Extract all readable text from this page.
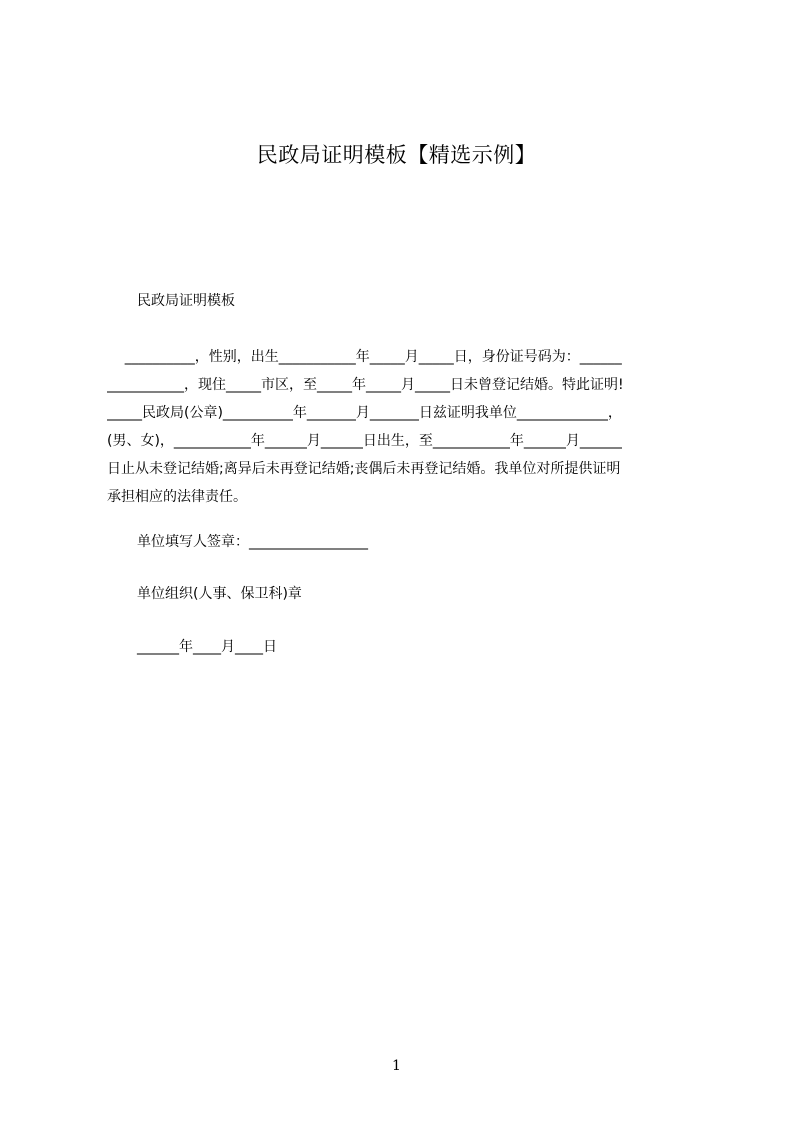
民政局证明模板【精选示例】

民政局证明模板

__________，性别，出生___________年_____月_____日，身份证号码为：______
___________，现住_____市区，至_____年_____月_____日未曾登记结婚。特此证明!
_____民政局(公章)__________年_______月_______日兹证明我单位_____________，
(男、女)，___________年______月______日出生，至___________年______月______
日止从未登记结婚;离异后未再登记结婚;丧偶后未再登记结婚。我单位对所提供证明
承担相应的法律责任。

单位填写人签章：_________________

单位组织(人事、保卫科)章

______年____月____日

1
